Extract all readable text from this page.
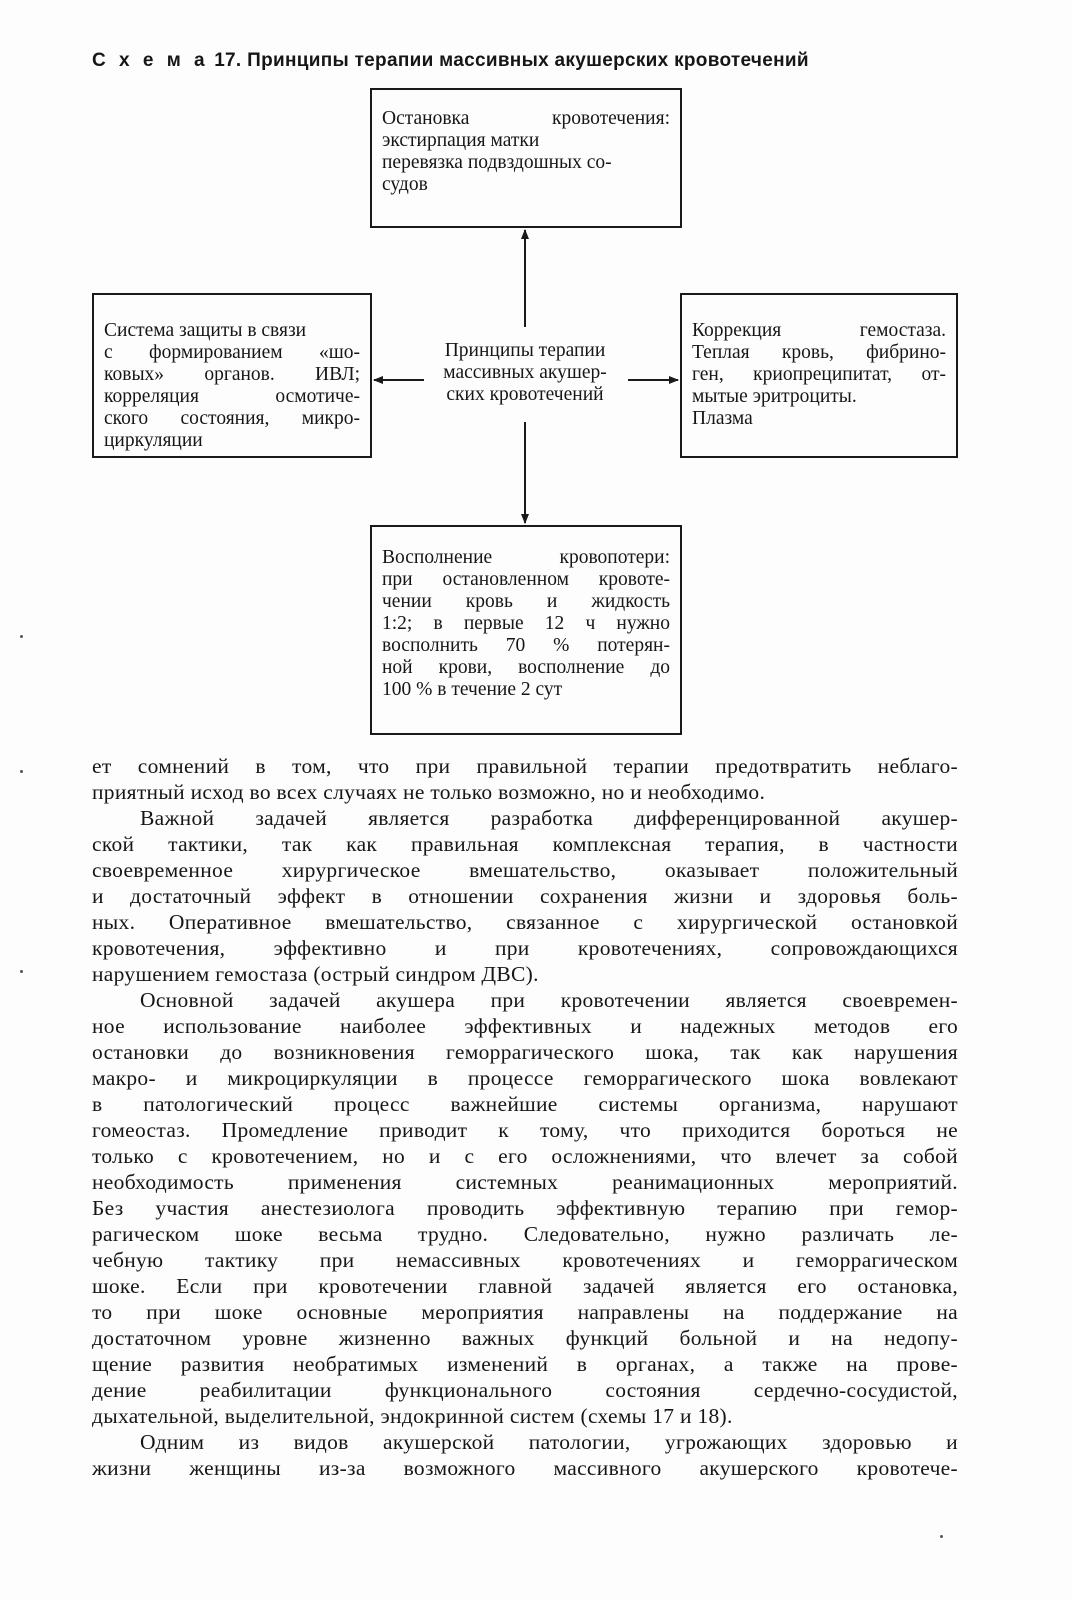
С х е м а 17. Принципы терапии массивных акушерских кровотечений
Остановка кровотечения:
экстирпация матки
перевязка подвздошных со-
судов
Система защиты в связи
с формированием «шо-
ковых» органов. ИВЛ;
корреляция осмотиче-
ского состояния, микро-
циркуляции
Принципы терапии
массивных акушер-
ских кровотечений
Коррекция гемостаза.
Теплая кровь, фибрино-
ген, криопреципитат, от-
мытые эритроциты.
Плазма
Восполнение кровопотери:
при остановленном кровоте-
чении кровь и жидкость
1:2; в первые 12 ч нужно
восполнить 70 % потерян-
ной крови, восполнение до
100 % в течение 2 сут
ет сомнений в том, что при правильной терапии предотвратить неблаго-
приятный исход во всех случаях не только возможно, но и необходимо.
Важной задачей является разработка дифференцированной акушер-
ской тактики, так как правильная комплексная терапия, в частности
своевременное хирургическое вмешательство, оказывает положительный
и достаточный эффект в отношении сохранения жизни и здоровья боль-
ных. Оперативное вмешательство, связанное с хирургической остановкой
кровотечения, эффективно и при кровотечениях, сопровождающихся
нарушением гемостаза (острый синдром ДВС).
Основной задачей акушера при кровотечении является своевремен-
ное использование наиболее эффективных и надежных методов его
остановки до возникновения геморрагического шока, так как нарушения
макро- и микроциркуляции в процессе геморрагического шока вовлекают
в патологический процесс важнейшие системы организма, нарушают
гомеостаз. Промедление приводит к тому, что приходится бороться не
только с кровотечением, но и с его осложнениями, что влечет за собой
необходимость применения системных реанимационных мероприятий.
Без участия анестезиолога проводить эффективную терапию при гемор-
рагическом шоке весьма трудно. Следовательно, нужно различать ле-
чебную тактику при немассивных кровотечениях и геморрагическом
шоке. Если при кровотечении главной задачей является его остановка,
то при шоке основные мероприятия направлены на поддержание на
достаточном уровне жизненно важных функций больной и на недопу-
щение развития необратимых изменений в органах, а также на прове-
дение реабилитации функционального состояния сердечно-сосудистой,
дыхательной, выделительной, эндокринной систем (схемы 17 и 18).
Одним из видов акушерской патологии, угрожающих здоровью и
жизни женщины из-за возможного массивного акушерского кровотече-
